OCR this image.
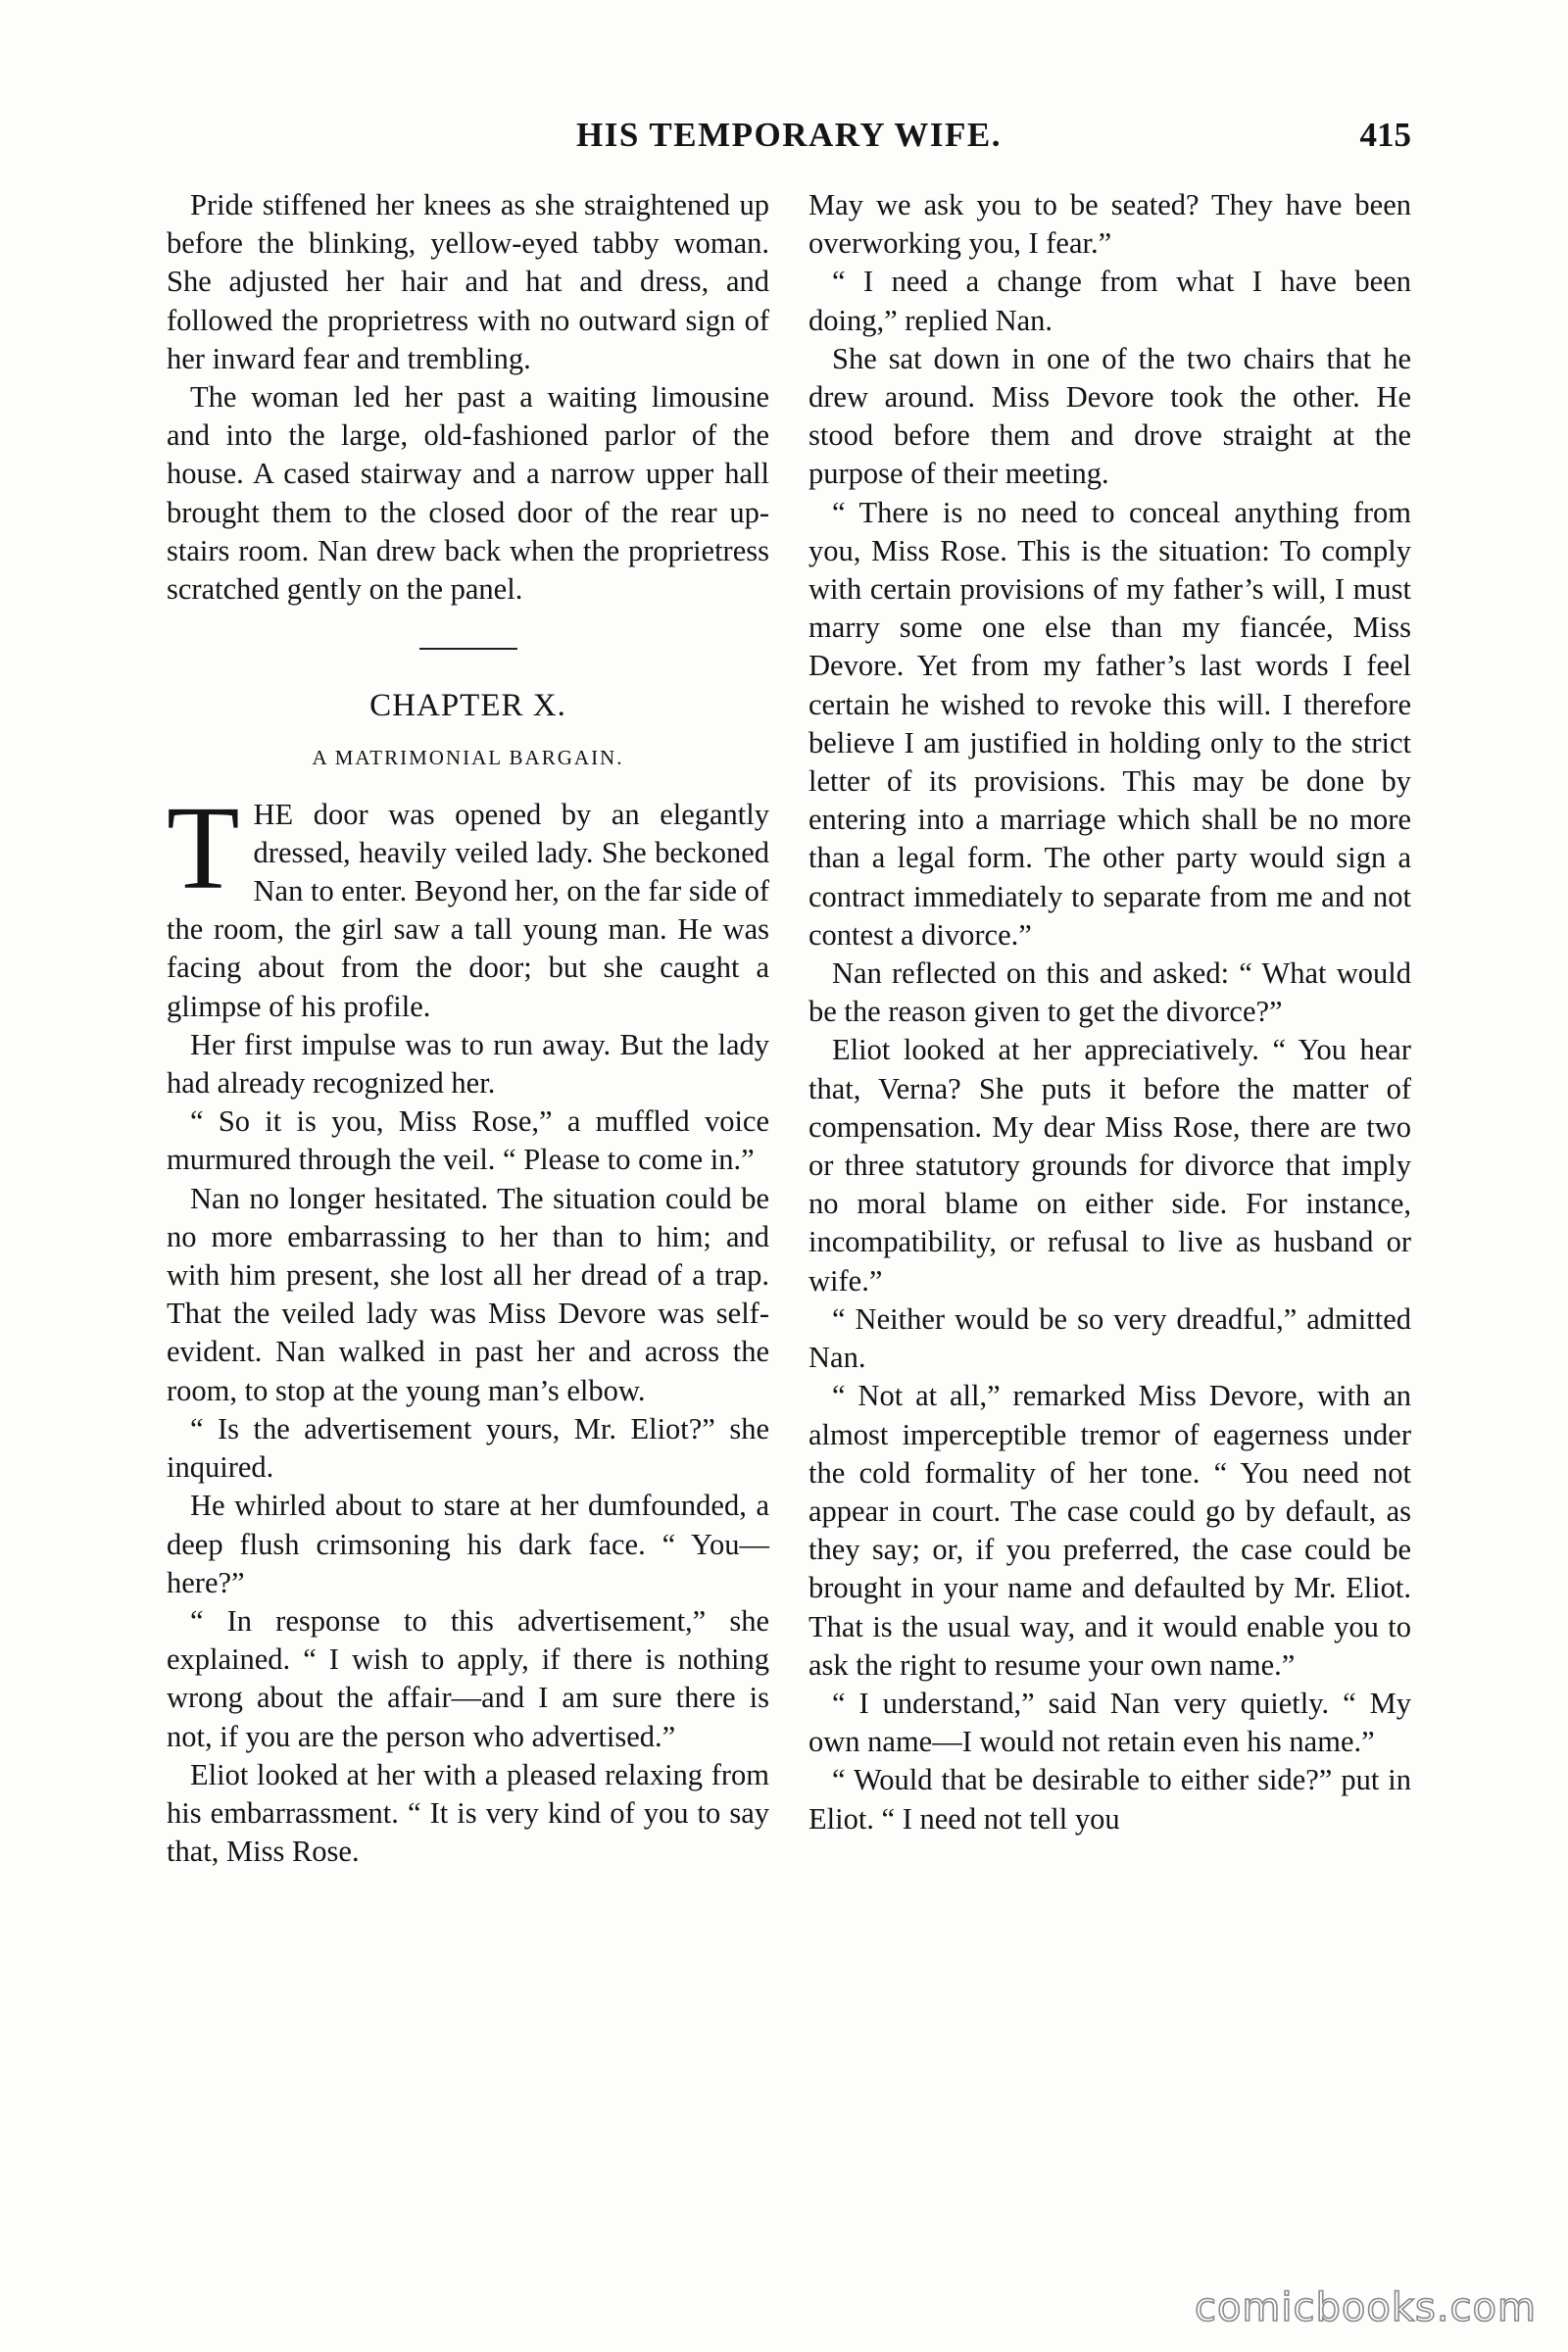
HIS TEMPORARY WIFE.	415

Pride stiffened her knees as she straightened up before the blinking, yellow-eyed tabby woman. She adjusted her hair and hat and dress, and followed the proprietress with no outward sign of her inward fear and trembling.

The woman led her past a waiting limousine and into the large, old-fashioned parlor of the house. A cased stairway and a narrow upper hall brought them to the closed door of the rear up-stairs room. Nan drew back when the proprietress scratched gently on the panel.

CHAPTER X.
A MATRIMONIAL BARGAIN.

THE door was opened by an elegantly dressed, heavily veiled lady. She beckoned Nan to enter. Beyond her, on the far side of the room, the girl saw a tall young man. He was facing about from the door; but she caught a glimpse of his profile.

Her first impulse was to run away. But the lady had already recognized her.

“ So it is you, Miss Rose,” a muffled voice murmured through the veil. “ Please to come in.”

Nan no longer hesitated. The situation could be no more embarrassing to her than to him; and with him present, she lost all her dread of a trap. That the veiled lady was Miss Devore was self-evident. Nan walked in past her and across the room, to stop at the young man’s elbow.

“ Is the advertisement yours, Mr. Eliot?” she inquired.

He whirled about to stare at her dumfounded, a deep flush crimsoning his dark face. “ You—here?”

“ In response to this advertisement,” she explained. “ I wish to apply, if there is nothing wrong about the affair—and I am sure there is not, if you are the person who advertised.”

Eliot looked at her with a pleased relaxing from his embarrassment. “ It is very kind of you to say that, Miss Rose.

May we ask you to be seated? They have been overworking you, I fear.”

“ I need a change from what I have been doing,” replied Nan.

She sat down in one of the two chairs that he drew around. Miss Devore took the other. He stood before them and drove straight at the purpose of their meeting.

“ There is no need to conceal anything from you, Miss Rose. This is the situation: To comply with certain provisions of my father’s will, I must marry some one else than my fiancée, Miss Devore. Yet from my father’s last words I feel certain he wished to revoke this will. I therefore believe I am justified in holding only to the strict letter of its provisions. This may be done by entering into a marriage which shall be no more than a legal form. The other party would sign a contract immediately to separate from me and not contest a divorce.”

Nan reflected on this and asked: “ What would be the reason given to get the divorce?”

Eliot looked at her appreciatively. “ You hear that, Verna? She puts it before the matter of compensation. My dear Miss Rose, there are two or three statutory grounds for divorce that imply no moral blame on either side. For instance, incompatibility, or refusal to live as husband or wife.”

“ Neither would be so very dreadful,” admitted Nan.

“ Not at all,” remarked Miss Devore, with an almost imperceptible tremor of eagerness under the cold formality of her tone. “ You need not appear in court. The case could go by default, as they say; or, if you preferred, the case could be brought in your name and defaulted by Mr. Eliot. That is the usual way, and it would enable you to ask the right to resume your own name.”

“ I understand,” said Nan very quietly. “ My own name—I would not retain even his name.”

“ Would that be desirable to either side?” put in Eliot. “ I need not tell you

comicbooks.com
